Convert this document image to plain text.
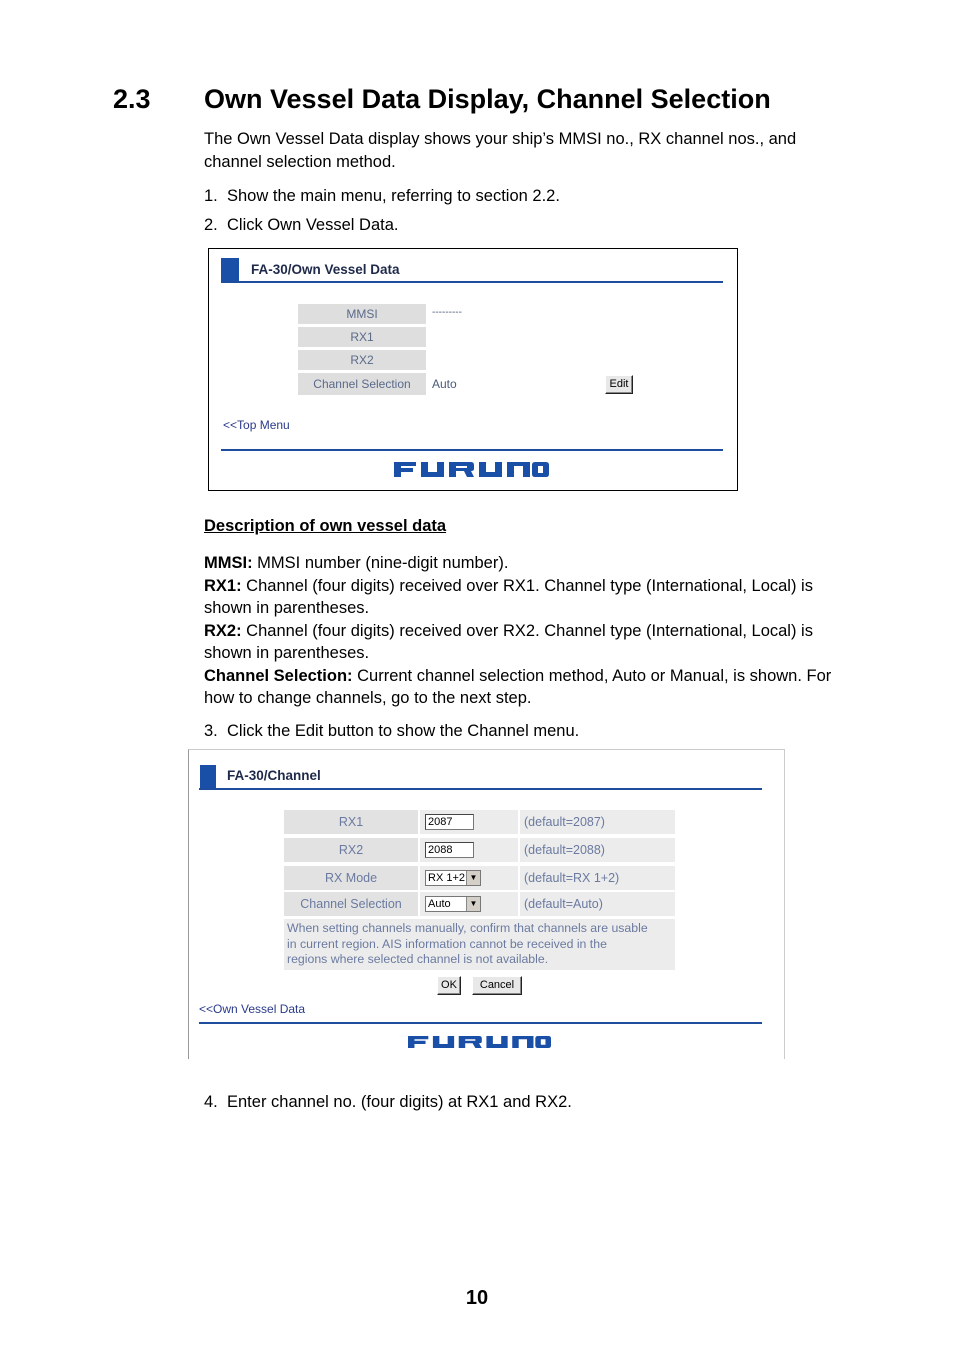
2.3 Own Vessel Data Display, Channel Selection
The Own Vessel Data display shows your ship’s MMSI no., RX channel nos., and
channel selection method.
1. Show the main menu, referring to section 2.2.
2. Click Own Vessel Data.
FA-30/Own Vessel Data
MMSI	---------
RX1
RX2
Channel Selection	Auto	Edit
<<Top Menu
Description of own vessel data
MMSI: MMSI number (nine-digit number).
RX1: Channel (four digits) received over RX1. Channel type (International, Local) is
shown in parentheses.
RX2: Channel (four digits) received over RX2. Channel type (International, Local) is
shown in parentheses.
Channel Selection: Current channel selection method, Auto or Manual, is shown. For
how to change channels, go to the next step.
3. Click the Edit button to show the Channel menu.
FA-30/Channel
RX1	2087	(default=2087)
RX2	2088	(default=2088)
RX Mode	RX 1+2 ▼	(default=RX 1+2)
Channel Selection	Auto	▼	(default=Auto)
When setting channels manually, confirm that channels are usable
in current region. AIS information cannot be received in the
regions where selected channel is not available.
OK	Cancel
<<Own Vessel Data
4. Enter channel no. (four digits) at RX1 and RX2.
10
